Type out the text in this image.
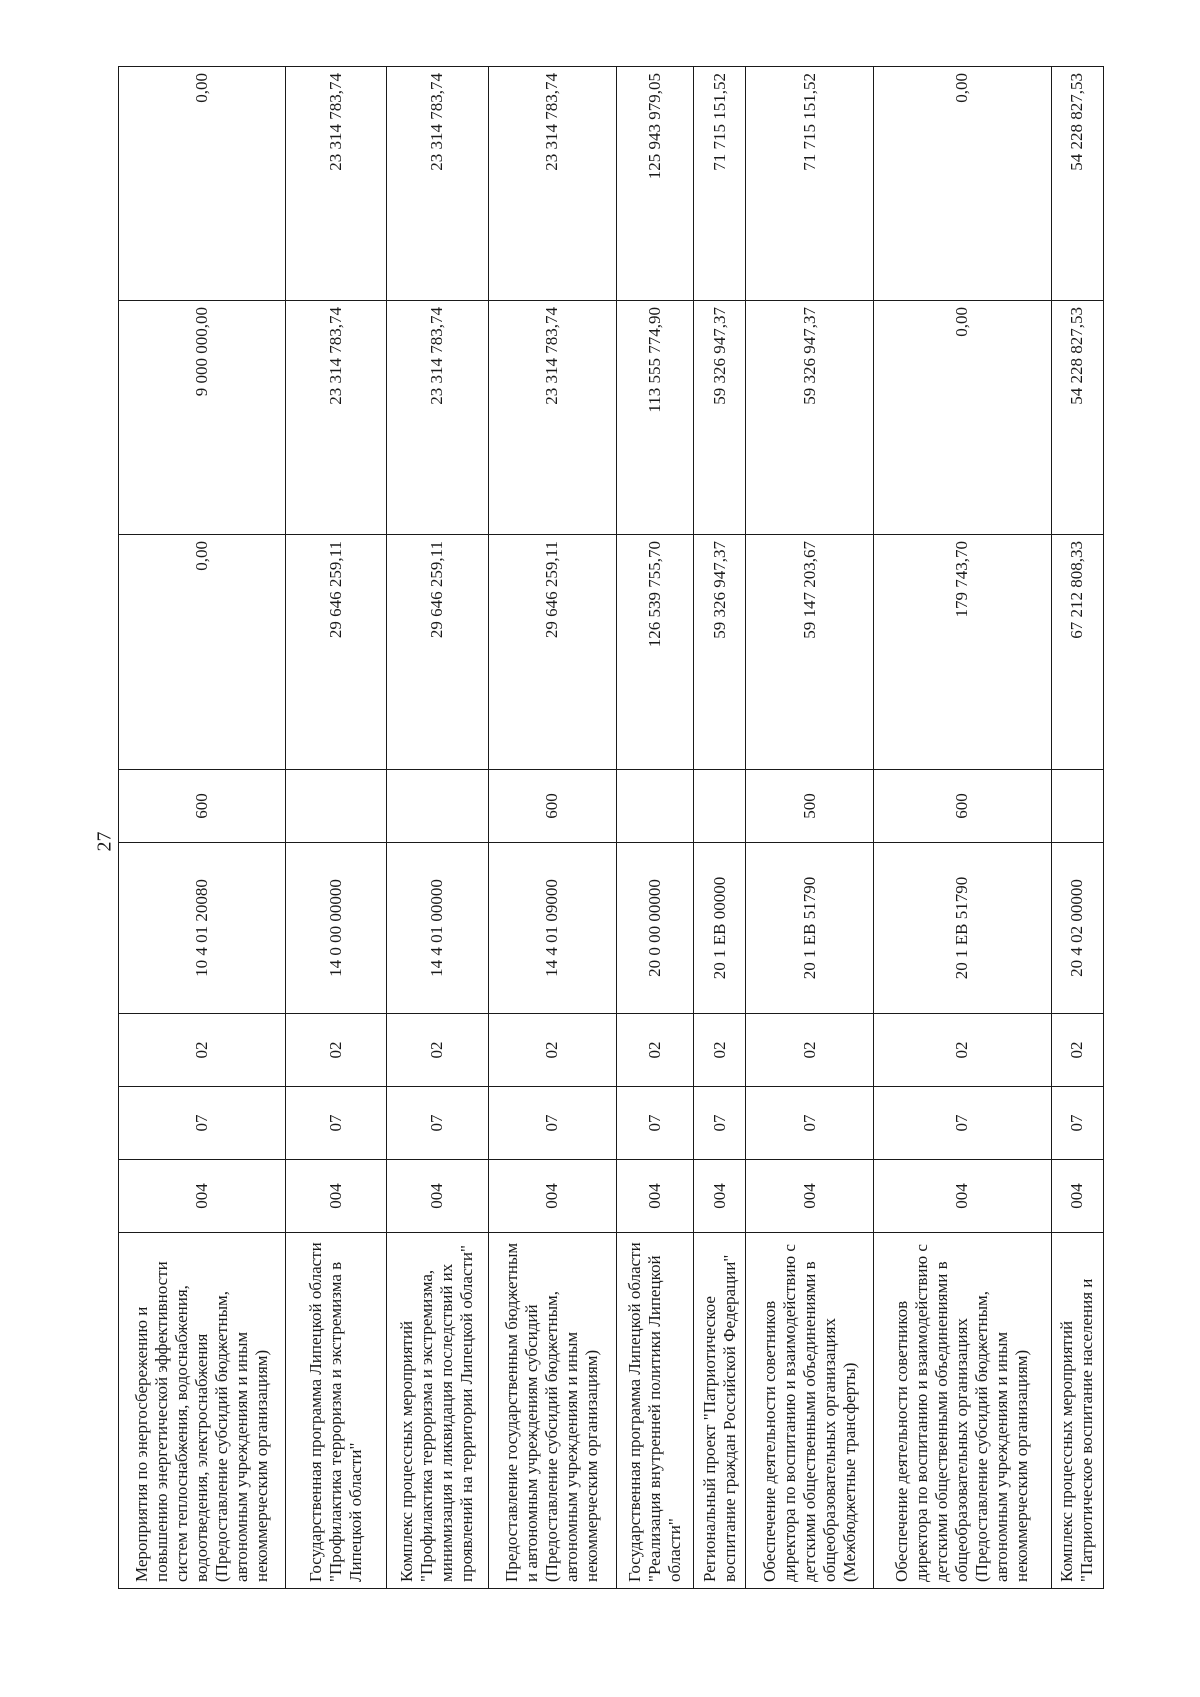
27
Мероприятия по энергосбережению и повышению энергетической эффективности систем теплоснабжения, водоснабжения, водоотведения, электроснабжения (Предоставление субсидий бюджетным, автономным учреждениям и иным некоммерческим организациям)	004	07	02	10 4 01 20080	600	0,00	9 000 000,00	0,00
Государственная программа Липецкой области "Профилактика терроризма и экстремизма в Липецкой области"	004	07	02	14 0 00 00000		29 646 259,11	23 314 783,74	23 314 783,74
Комплекс процессных мероприятий "Профилактика терроризма и экстремизма, минимизация и ликвидация последствий их проявлений на территории Липецкой области"	004	07	02	14 4 01 00000		29 646 259,11	23 314 783,74	23 314 783,74
Предоставление государственным бюджетным и автономным учреждениям субсидий (Предоставление субсидий бюджетным, автономным учреждениям и иным некоммерческим организациям)	004	07	02	14 4 01 09000	600	29 646 259,11	23 314 783,74	23 314 783,74
Государственная программа Липецкой области "Реализация внутренней политики Липецкой области"	004	07	02	20 0 00 00000		126 539 755,70	113 555 774,90	125 943 979,05
Региональный проект "Патриотическое воспитание граждан Российской Федерации"	004	07	02	20 1 ЕВ 00000		59 326 947,37	59 326 947,37	71 715 151,52
Обеспечение деятельности советников директора по воспитанию и взаимодействию с детскими общественными объединениями в общеобразовательных организациях (Межбюджетные трансферты)	004	07	02	20 1 ЕВ 51790	500	59 147 203,67	59 326 947,37	71 715 151,52
Обеспечение деятельности советников директора по воспитанию и взаимодействию с детскими общественными объединениями в общеобразовательных организациях (Предоставление субсидий бюджетным, автономным учреждениям и иным некоммерческим организациям)	004	07	02	20 1 ЕВ 51790	600	179 743,70	0,00	0,00
Комплекс процессных мероприятий "Патриотическое воспитание населения и	004	07	02	20 4 02 00000		67 212 808,33	54 228 827,53	54 228 827,53
